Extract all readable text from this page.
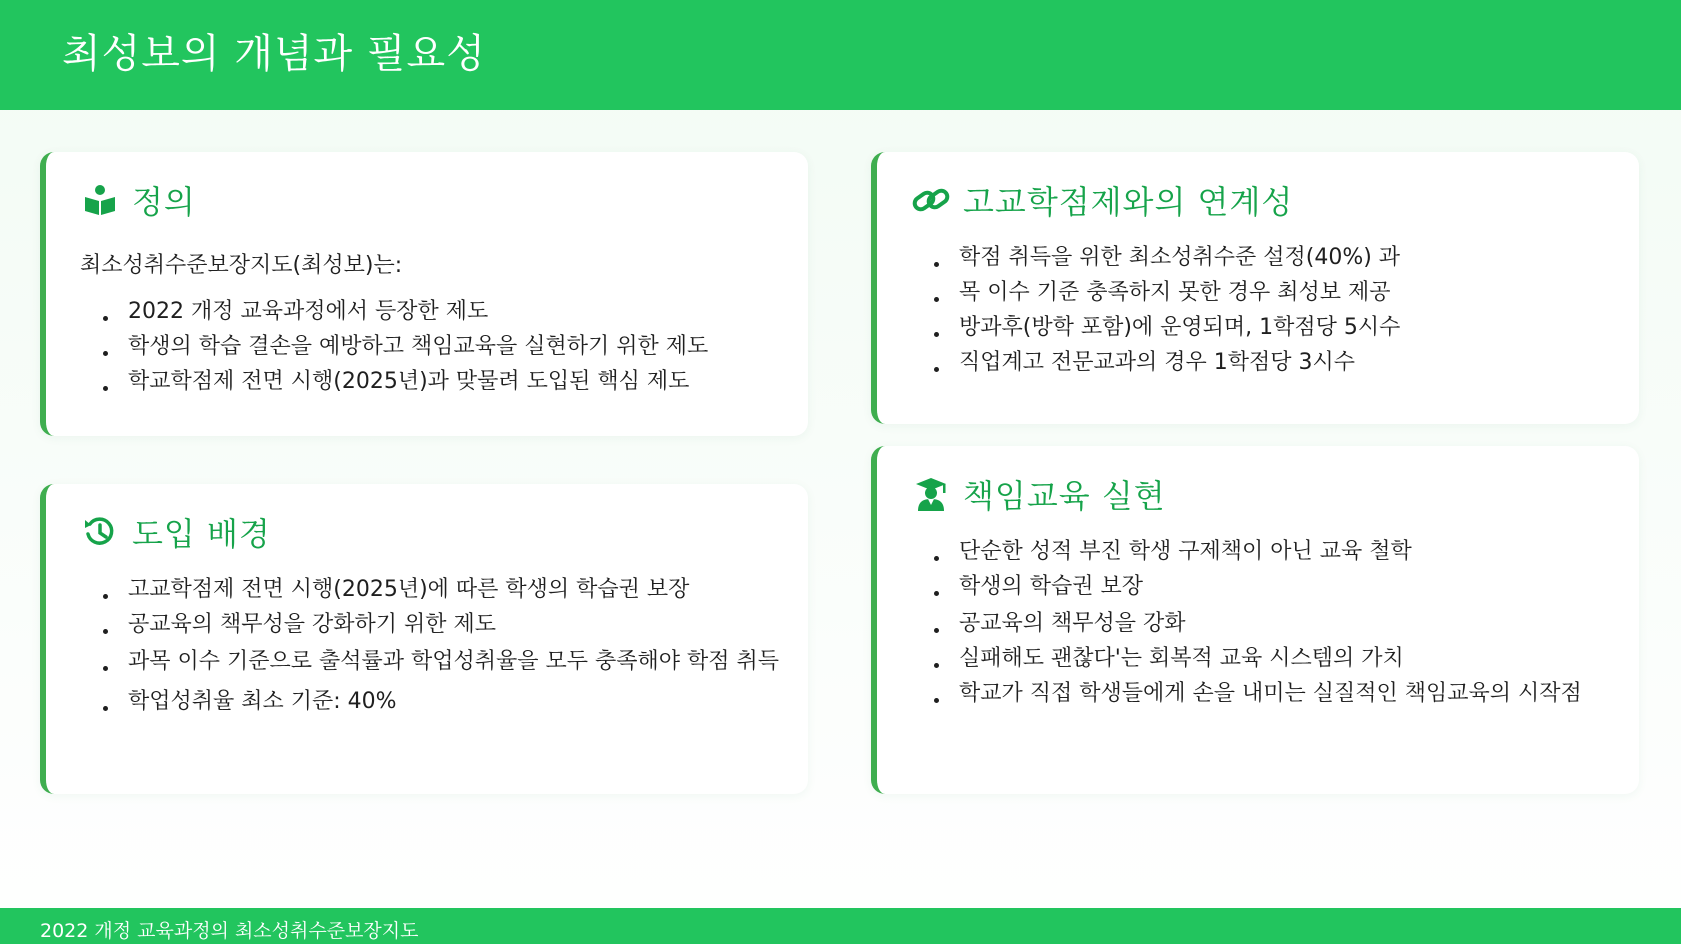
최성보의 개념과 필요성
정의
최소성취수준보장지도(최성보)는:
2022 개정 교육과정에서 등장한 제도
학생의 학습 결손을 예방하고 책임교육을 실현하기 위한 제도
학교학점제 전면 시행(2025년)과 맞물려 도입된 핵심 제도
도입 배경
고교학점제 전면 시행(2025년)에 따른 학생의 학습권 보장
공교육의 책무성을 강화하기 위한 제도
과목 이수 기준으로 출석률과 학업성취율을 모두 충족해야 학점 취득
학업성취율 최소 기준: 40%
고교학점제와의 연계성
학점 취득을 위한 최소성취수준 설정(40%) 과
목 이수 기준 충족하지 못한 경우 최성보 제공
방과후(방학 포함)에 운영되며, 1학점당 5시수
직업계고 전문교과의 경우 1학점당 3시수
책임교육 실현
단순한 성적 부진 학생 구제책이 아닌 교육 철학
학생의 학습권 보장
공교육의 책무성을 강화
실패해도 괜찮다'는 회복적 교육 시스템의 가치
학교가 직접 학생들에게 손을 내미는 실질적인 책임교육의 시작점
2022 개정 교육과정의 최소성취수준보장지도
